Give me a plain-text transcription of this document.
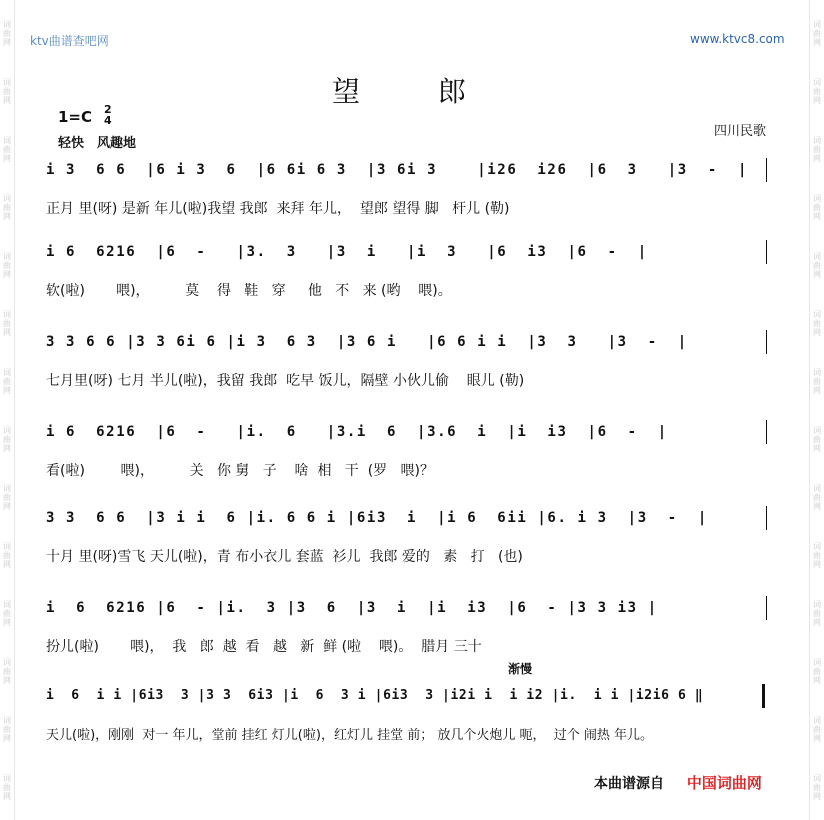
词
曲
网
词
曲
网
词
曲
网
词
曲
网
词
曲
网
词
曲
网
词
曲
网
词
曲
网
词
曲
网
词
曲
网
词
曲
网
词
曲
网
词
曲
网
词
曲
网
词
曲
网
词
曲
网
词
曲
网
词
曲
网
词
曲
网
词
曲
网
词
曲
网
词
曲
网
词
曲
网
词
曲
网
词
曲
网
词
曲
网
词
曲
网
词
曲
网
ktv曲谱查吧网	www.ktvc8.com
望郎
1=C 2
4
轻快　风趣地
四川民歌
i 3  6 6  |6 i 3  6  |6 6i 6 3  |3 6i 3    |i26  i26  |6  3   |3  -  |
正月 里(呀) 是新 年儿(啦)我望 我郎  来拜 年儿，  望郎 望得 脚   杆儿 (勒)
i 6  6216  |6  -   |3.  3   |3  i   |i  3   |6  i3  |6  -  |
软(啦)       喂)，        莫    得   鞋   穿     他   不   来 (哟    喂)。
3 3 6 6 |3 3 6i 6 |i 3  6 3  |3 6 i   |6 6 i i  |3  3   |3  -  |
七月里(呀) 七月 半儿(啦)，我留 我郎  吃早 饭儿，隔壁 小伙儿偷    眼儿 (勒)
i 6  6216  |6  -   |i.  6   |3.i  6  |3.6  i  |i  i3  |6  -  |
看(啦)        喂)，        关   你 舅   子    啥  相   干  (罗   喂)？
3 3  6 6  |3 i i  6 |i. 6 6 i |6i3  i  |i 6  6ii |6. i 3  |3  -  |
十月 里(呀)雪飞 天儿(啦)，青 布小衣儿 套蓝  衫儿  我郎 爱的   素   打   (也)
i  6  6216 |6  - |i.  3 |3  6  |3  i  |i  i3  |6  - |3 3 i3 |
扮儿(啦)       喂)，  我   郎  越  看   越   新  鲜 (啦    喂)。  腊月 三十
渐慢
i  6  i i |6i3  3 |3 3  6i3 |i  6  3 i |6i3  3 |i2i i  i i2 |i.  i i |i2i6 6 ‖
天儿(啦)，刚刚  对一 年儿，堂前 挂红 灯儿(啦)，红灯儿 挂堂 前； 放几个火炮儿 呃，  过个 闹热 年儿。
本曲谱源自 中国词曲网
